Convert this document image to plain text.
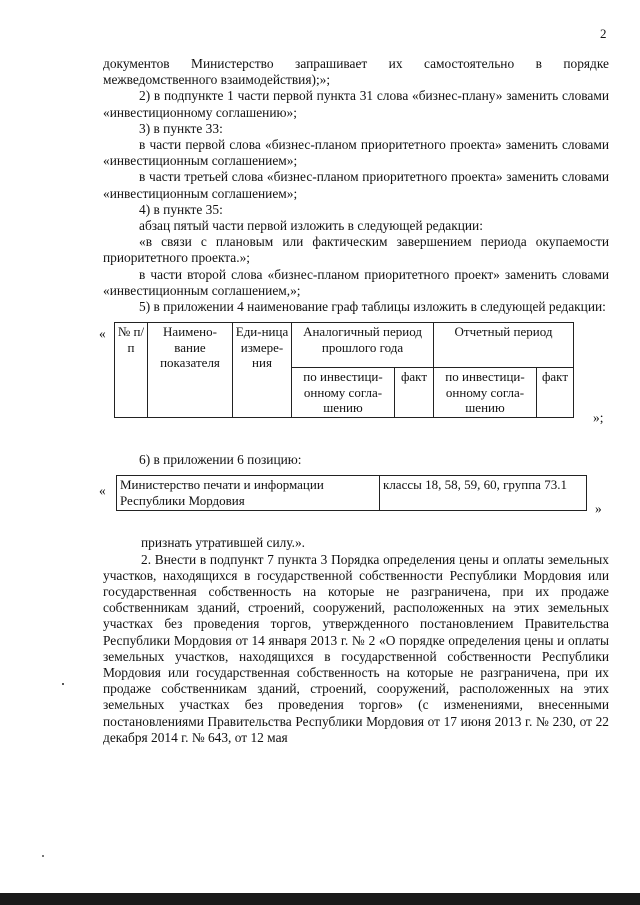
2

документов Министерство запрашивает их самостоятельно в порядке межведомственного взаимодействия);»;

2) в подпункте 1 части первой пункта 31 слова «бизнес-плану» заменить словами «инвестиционному соглашению»;

3) в пункте 33:

в части первой слова «бизнес-планом приоритетного проекта» заменить словами «инвестиционным соглашением»;

в части третьей слова «бизнес-планом приоритетного проекта» заменить словами «инвестиционным соглашением»;

4) в пункте 35:

абзац пятый части первой изложить в следующей редакции:

«в связи с плановым или фактическим завершением периода окупаемости приоритетного проекта.»;

в части второй слова «бизнес-планом приоритетного проект» заменить словами «инвестиционным соглашением,»;

5) в приложении 4 наименование граф таблицы изложить в следующей редакции:

« № п/п	Наимено-вание показателя	Еди-ница измере-ния	Аналогичный период прошлого года		Отчетный период	
			по инвестици-онному согла-шению	факт	по инвестици-онному согла-шению	факт
»;

6) в приложении 6 позицию:

« Министерство печати и информации Республики Мордовия	классы 18, 58, 59, 60, группа 73.1
»

признать утратившей силу.».

2. Внести в подпункт 7 пункта 3 Порядка определения цены и оплаты земельных участков, находящихся в государственной собственности Республики Мордовия или государственная собственность на которые не разграничена, при их продаже собственникам зданий, строений, сооружений, расположенных на этих земельных участках без проведения торгов, утвержденного постановлением Правительства Республики Мордовия от 14 января 2013 г. № 2 «О порядке определения цены и оплаты земельных участков, находящихся в государственной собственности Республики Мордовия или государственная собственность на которые не разграничена, при их продаже собственникам зданий, строений, сооружений, расположенных на этих земельных участках без проведения торгов» (с изменениями, внесенными постановлениями Правительства Республики Мордовия от 17 июня 2013 г. № 230, от 22 декабря 2014 г. № 643, от 12 мая
